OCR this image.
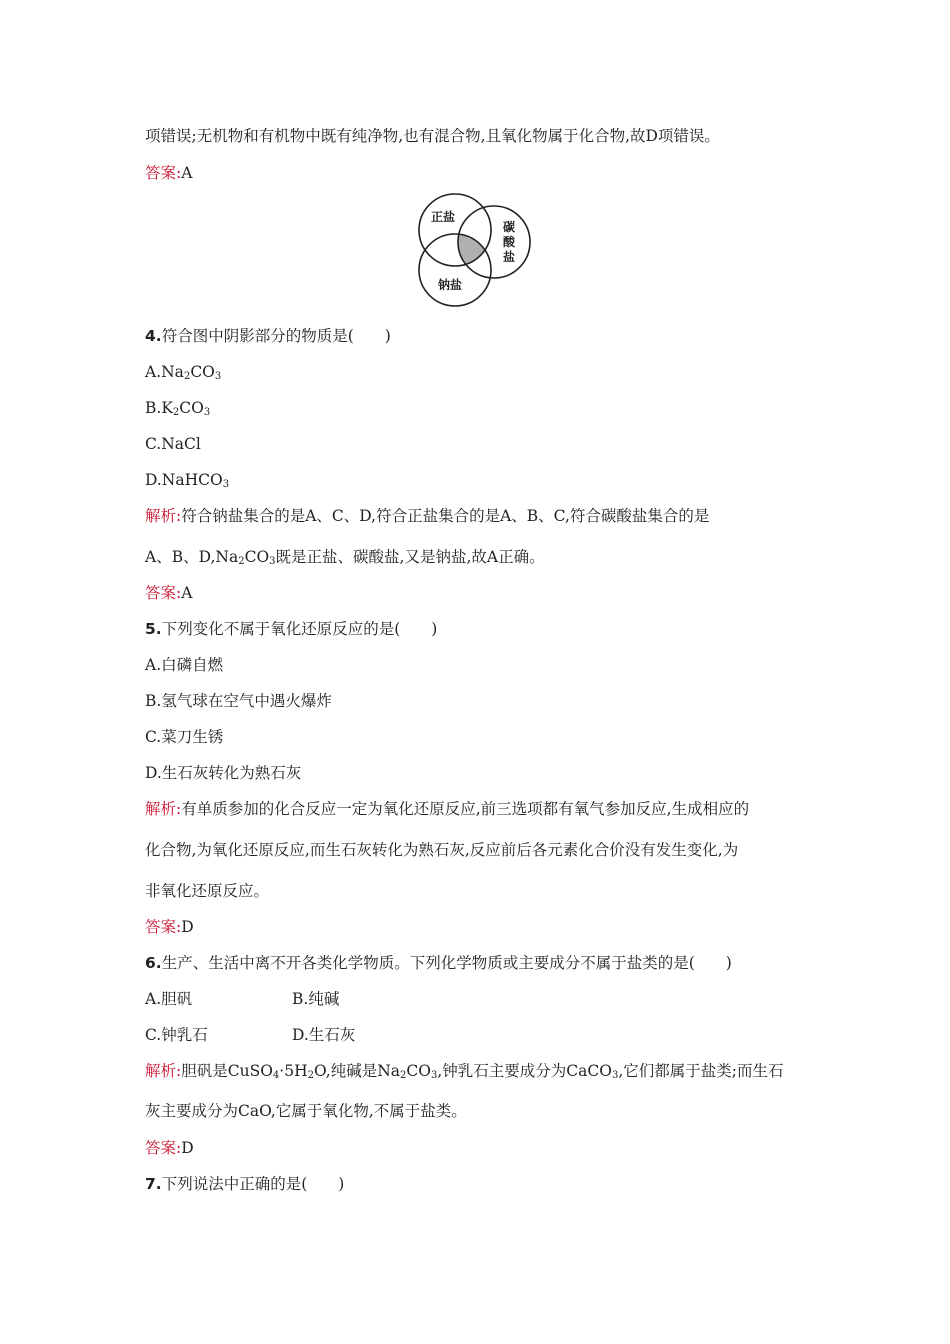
项错误;无机物和有机物中既有纯净物,也有混合物,且氧化物属于化合物,故D项错误。
答案:A
正盐
碳
酸
盐
钠盐
4.符合图中阴影部分的物质是(　　)
$A.Na_2CO_3$
$B.K_2CO_3$
C.NaCl
D.NaHCO$_3$
解析:符合钠盐集合的是A、C、D,符合正盐集合的是A、B、C,符合碳酸盐集合的是
A、B、$D,Na_2CO_3$既是正盐、碳酸盐,又是钠盐,故A正确。
答案:A
5.下列变化不属于氧化还原反应的是(　　)
A.白磷自燃
B.氢气球在空气中遇火爆炸
C.菜刀生锈
D.生石灰转化为熟石灰
解析:有单质参加的化合反应一定为氧化还原反应,前三选项都有氧气参加反应,生成相应的
化合物,为氧化还原反应,而生石灰转化为熟石灰,反应前后各元素化合价没有发生变化,为
非氧化还原反应。
答案:D
6.生产、生活中离不开各类化学物质。下列化学物质或主要成分不属于盐类的是(　　)
A.胆矾	B.纯碱
C.钟乳石	D.生石灰
解析:胆矾是$CuSO_4\cdot 5H_2O$,纯碱是$Na_2CO_3$,钟乳石主要成分为CaCO$_3$,它们都属于盐类;而生石
灰主要成分为CaO,它属于氧化物,不属于盐类。
答案:D
7.下列说法中正确的是(　　)
